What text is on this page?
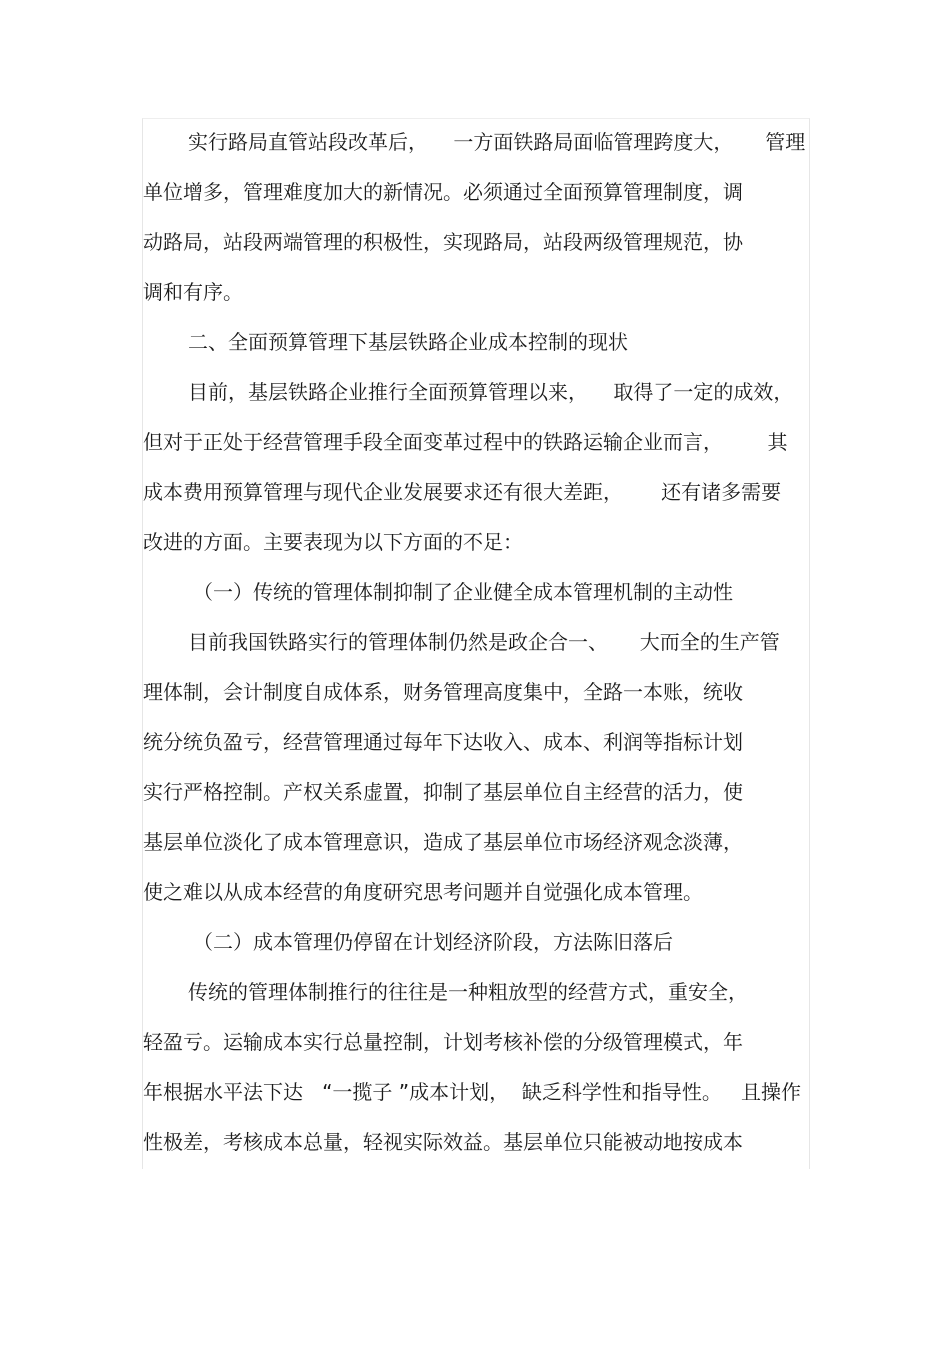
实行路局直管站段改革后，    一方面铁路局面临管理跨度大，     管理
单位增多，管理难度加大的新情况。必须通过全面预算管理制度，调
动路局，站段两端管理的积极性，实现路局，站段两级管理规范，协
调和有序。
二、全面预算管理下基层铁路企业成本控制的现状
目前，基层铁路企业推行全面预算管理以来，    取得了一定的成效，
但对于正处于经营管理手段全面变革过程中的铁路运输企业而言，       其
成本费用预算管理与现代企业发展要求还有很大差距，      还有诸多需要
改进的方面。主要表现为以下方面的不足：
（一）传统的管理体制抑制了企业健全成本管理机制的主动性
目前我国铁路实行的管理体制仍然是政企合一、     大而全的生产管
理体制，会计制度自成体系，财务管理高度集中，全路一本账，统收
统分统负盈亏，经营管理通过每年下达收入、成本、利润等指标计划
实行严格控制。产权关系虚置，抑制了基层单位自主经营的活力，使
基层单位淡化了成本管理意识，造成了基层单位市场经济观念淡薄，
使之难以从成本经营的角度研究思考问题并自觉强化成本管理。
（二）成本管理仍停留在计划经济阶段，方法陈旧落后
传统的管理体制推行的往往是一种粗放型的经营方式，重安全，
轻盈亏。运输成本实行总量控制，计划考核补偿的分级管理模式，年
年根据水平法下达   “一揽子 ”成本计划，  缺乏科学性和指导性。   且操作
性极差，考核成本总量，轻视实际效益。基层单位只能被动地按成本
